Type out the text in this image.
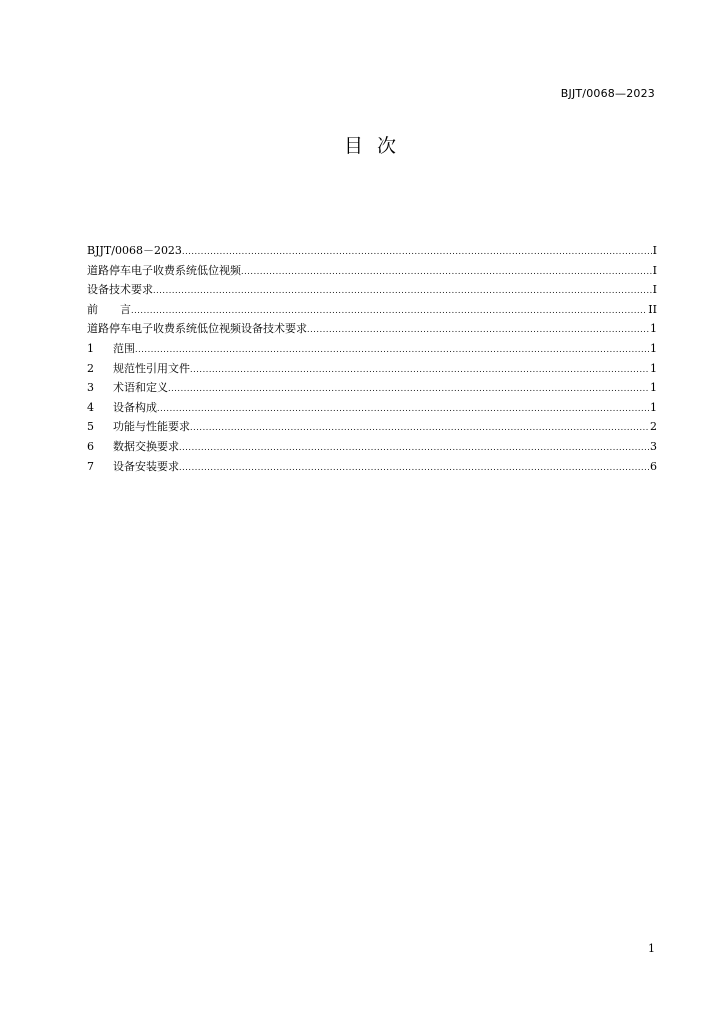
BJJT/0068—2023
目 次
BJJT/0068－2023 .....	I
道路停车电子收费系统低位视频 .....	I
设备技术要求 .....	I
前　　言 .....	II
道路停车电子收费系统低位视频设备技术要求 .....	1
1	范围 .....	1
2	规范性引用文件 .....	1
3	术语和定义 .....	1
4	设备构成 .....	1
5	功能与性能要求 .....	2
6	数据交换要求 .....	3
7	设备安装要求 .....	6
1
